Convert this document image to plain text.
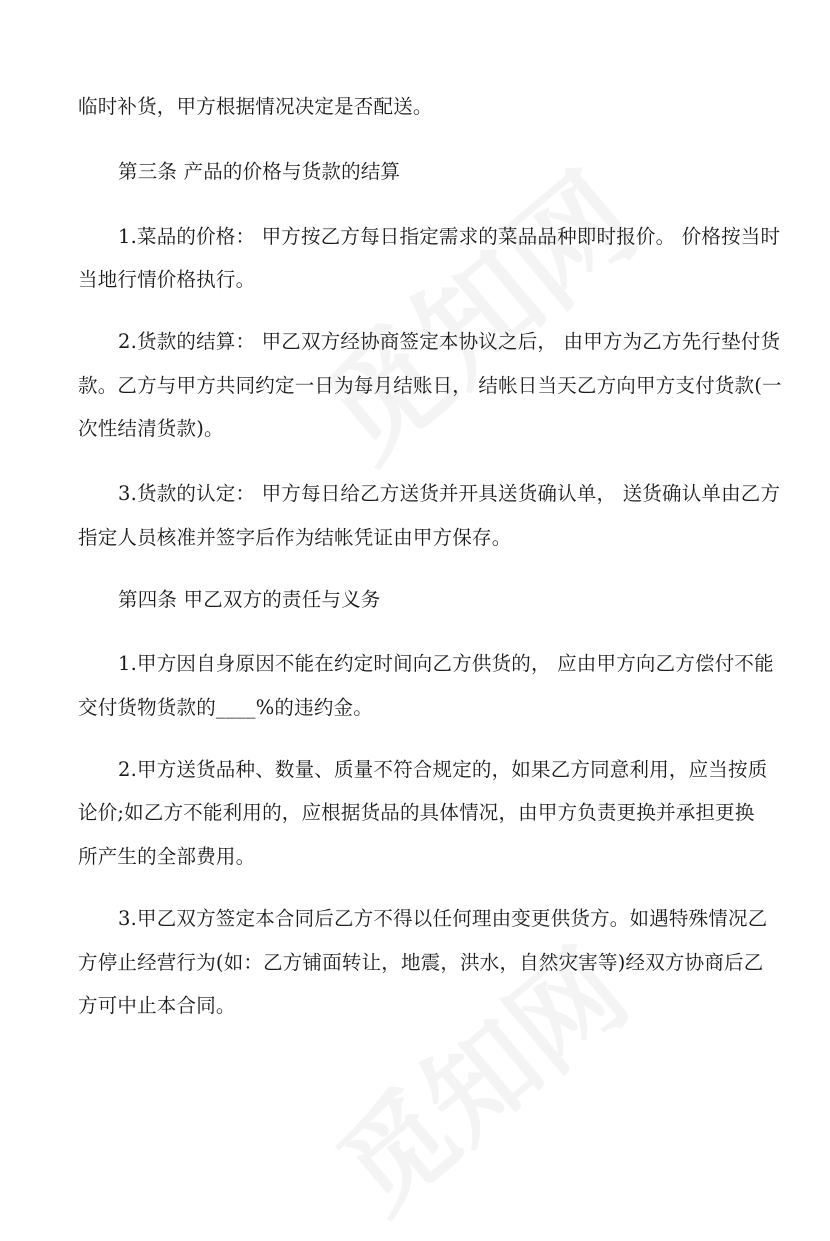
临时补货，甲方根据情况决定是否配送。
第三条 产品的价格与货款的结算
1.菜品的价格： 甲方按乙方每日指定需求的菜品品种即时报价。 价格按当时
当地行情价格执行。
2.货款的结算： 甲乙双方经协商签定本协议之后， 由甲方为乙方先行垫付货
款。乙方与甲方共同约定一日为每月结账日， 结帐日当天乙方向甲方支付货款(一
次性结清货款)。
3.货款的认定： 甲方每日给乙方送货并开具送货确认单， 送货确认单由乙方
指定人员核准并签字后作为结帐凭证由甲方保存。
第四条 甲乙双方的责任与义务
1.甲方因自身原因不能在约定时间向乙方供货的， 应由甲方向乙方偿付不能
交付货物货款的____%的违约金。
2.甲方送货品种、数量、质量不符合规定的，如果乙方同意利用，应当按质
论价;如乙方不能利用的，应根据货品的具体情况，由甲方负责更换并承担更换
所产生的全部费用。
3.甲乙双方签定本合同后乙方不得以任何理由变更供货方。如遇特殊情况乙
方停止经营行为(如：乙方铺面转让，地震，洪水，自然灾害等)经双方协商后乙
方可中止本合同。
